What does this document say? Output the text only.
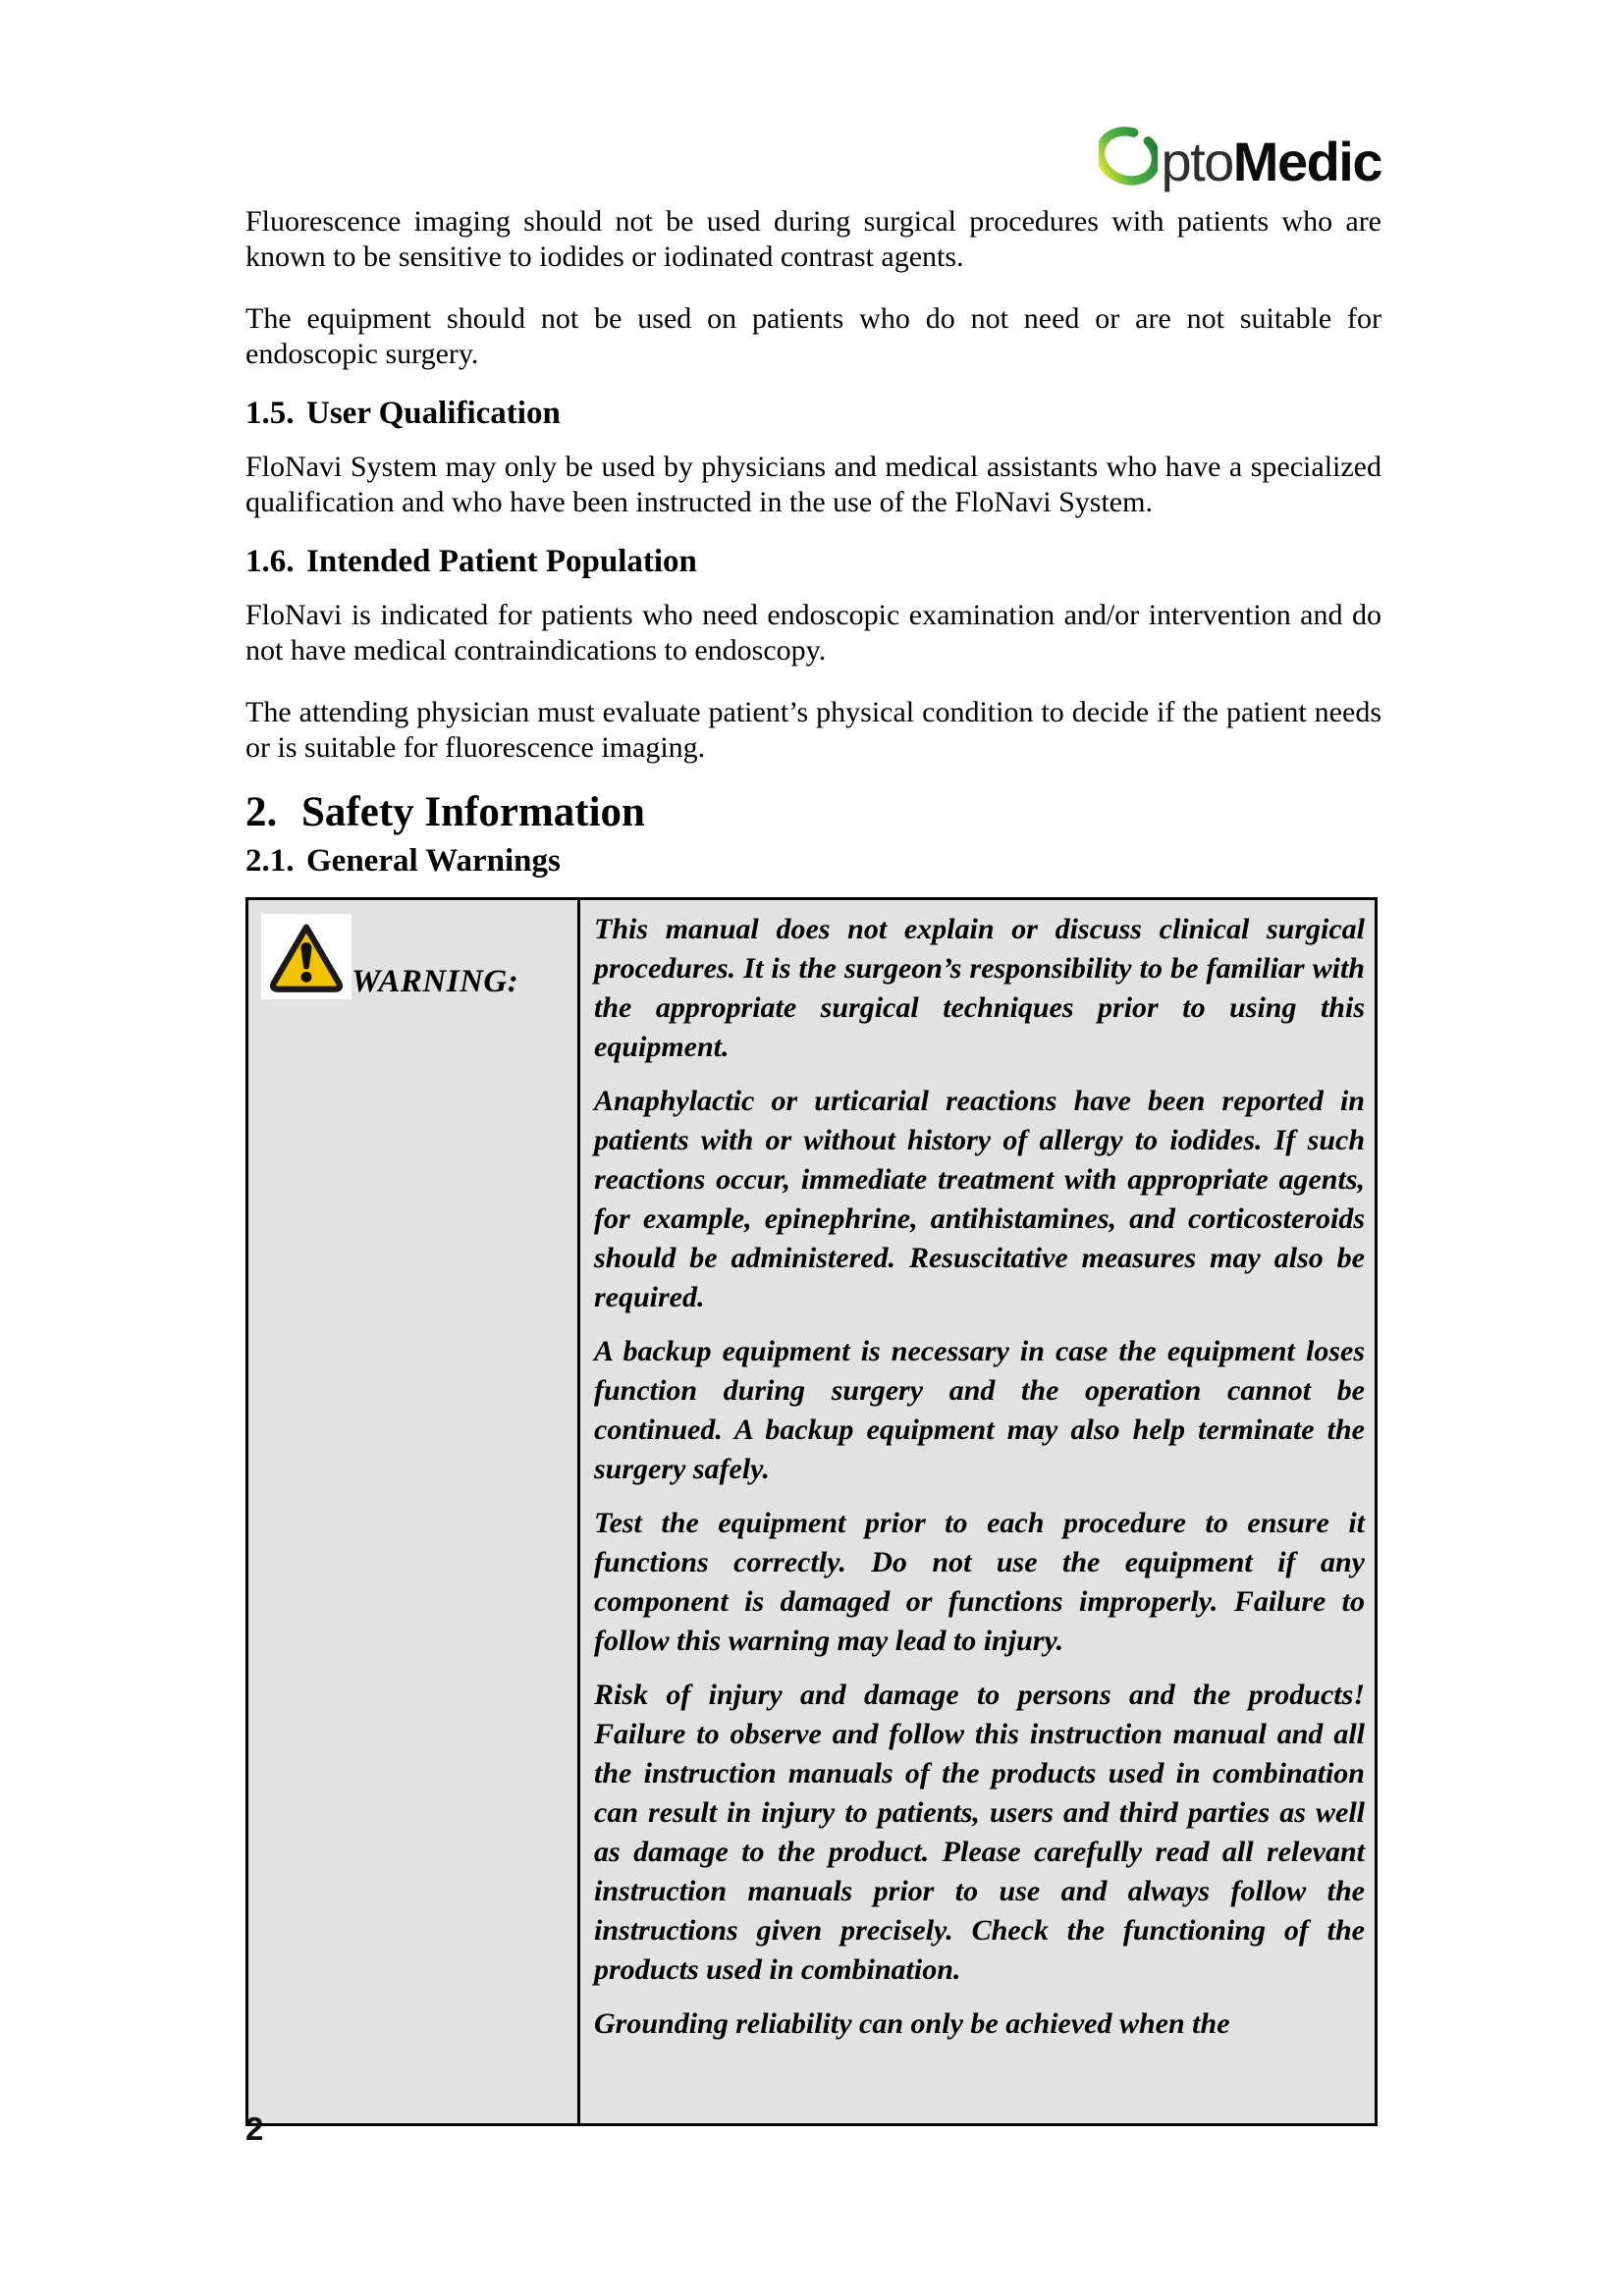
ptoMedic

Fluorescence imaging should not be used during surgical procedures with patients who are known to be sensitive to iodides or iodinated contrast agents.

The equipment should not be used on patients who do not need or are not suitable for endoscopic surgery.

1.5. User Qualification

FloNavi System may only be used by physicians and medical assistants who have a specialized qualification and who have been instructed in the use of the FloNavi System.

1.6. Intended Patient Population

FloNavi is indicated for patients who need endoscopic examination and/or intervention and do not have medical contraindications to endoscopy.

The attending physician must evaluate patient’s physical condition to decide if the patient needs or is suitable for fluorescence imaging.

2. Safety Information
2.1. General Warnings
WARNING:

This manual does not explain or discuss clinical surgical procedures. It is the surgeon’s responsibility to be familiar with the appropriate surgical techniques prior to using this equipment.

Anaphylactic or urticarial reactions have been reported in patients with or without history of allergy to iodides. If such reactions occur, immediate treatment with appropriate agents, for example, epinephrine, antihistamines, and corticosteroids should be administered. Resuscitative measures may also be required.

A backup equipment is necessary in case the equipment loses function during surgery and the operation cannot be continued. A backup equipment may also help terminate the surgery safely.

Test the equipment prior to each procedure to ensure it functions correctly. Do not use the equipment if any component is damaged or functions improperly. Failure to follow this warning may lead to injury.

Risk of injury and damage to persons and the products! Failure to observe and follow this instruction manual and all the instruction manuals of the products used in combination can result in injury to patients, users and third parties as well as damage to the product. Please carefully read all relevant instruction manuals prior to use and always follow the instructions given precisely. Check the functioning of the products used in combination.

Grounding reliability can only be achieved when the

2
